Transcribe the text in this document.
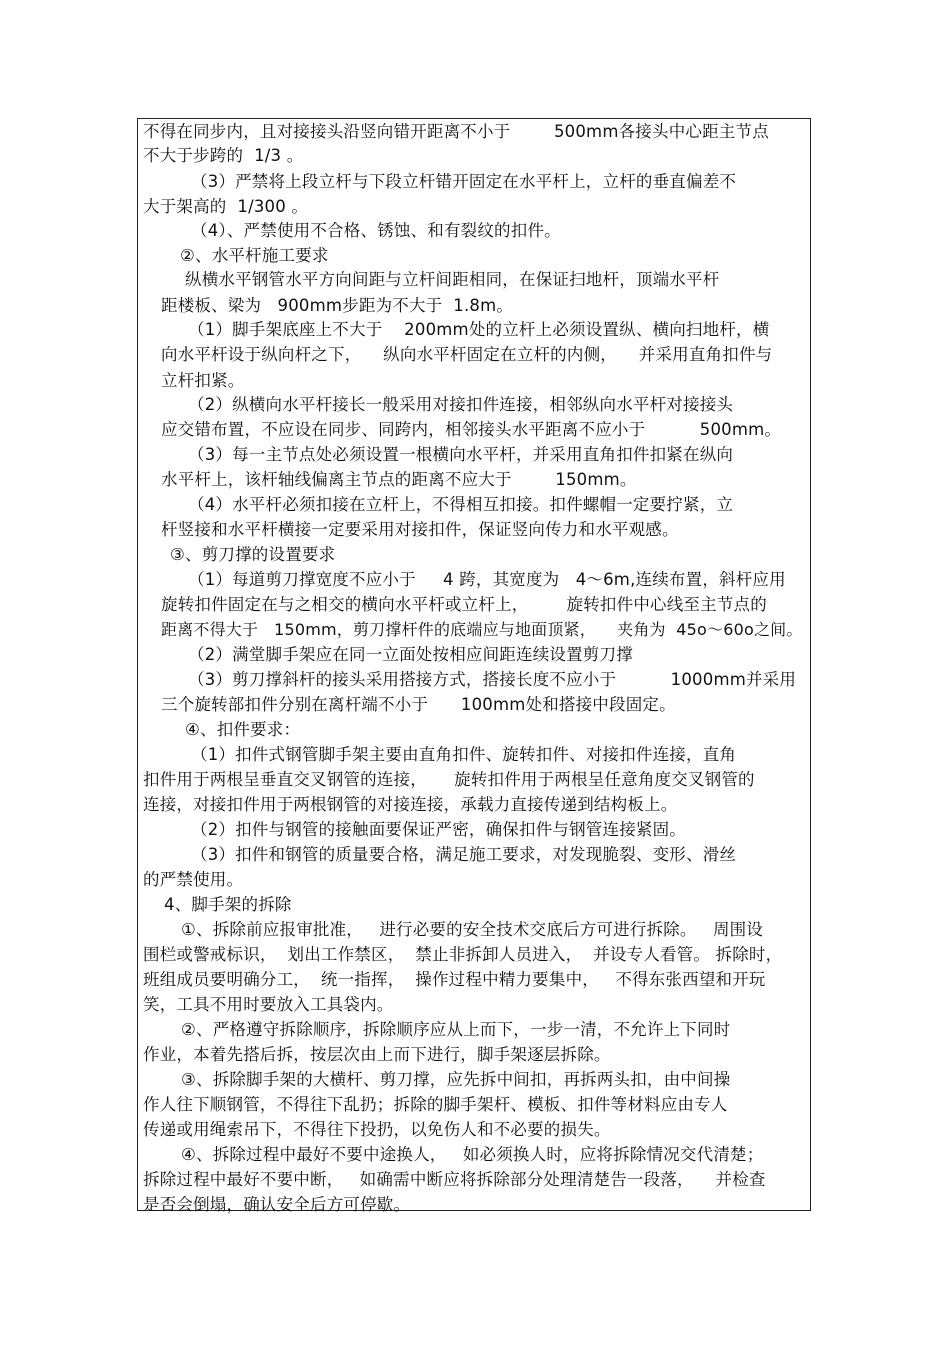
不得在同步内，且对接接头沿竖向错开距离不小于        500mm各接头中心距主节点
不大于步跨的  1/3 。
（3）严禁将上段立杆与下段立杆错开固定在水平杆上，立杆的垂直偏差不
大于架高的  1/300 。
（4）、严禁使用不合格、锈蚀、和有裂纹的扣件。
②、水平杆施工要求
纵横水平钢管水平方向间距与立杆间距相同，在保证扫地杆，顶端水平杆
距楼板、梁为   900mm步距为不大于  1.8m。
（1）脚手架底座上不大于    200mm处的立杆上必须设置纵、横向扫地杆，横
向水平杆设于纵向杆之下，    纵向水平杆固定在立杆的内侧，    并采用直角扣件与
立杆扣紧。
（2）纵横向水平杆接长一般采用对接扣件连接，相邻纵向水平杆对接接头
应交错布置，不应设在同步、同跨内，相邻接头水平距离不应小于          500mm。
（3）每一主节点处必须设置一根横向水平杆，并采用直角扣件扣紧在纵向
水平杆上，该杆轴线偏离主节点的距离不应大于        150mm。
（4）水平杆必须扣接在立杆上，不得相互扣接。扣件螺帽一定要拧紧，立
杆竖接和水平杆横接一定要采用对接扣件，保证竖向传力和水平观感。
③、剪刀撑的设置要求
（1）每道剪刀撑宽度不应小于     4 跨，其宽度为   4～6m,连续布置，斜杆应用
旋转扣件固定在与之相交的横向水平杆或立杆上，       旋转扣件中心线至主节点的
距离不得大于   150mm，剪刀撑杆件的底端应与地面顶紧，    夹角为  45o～60o之间。
（2）满堂脚手架应在同一立面处按相应间距连续设置剪刀撑
（3）剪刀撑斜杆的接头采用搭接方式，搭接长度不应小于          1000mm并采用
三个旋转部扣件分别在离杆端不小于      100mm处和搭接中段固定。
④、扣件要求：
（1）扣件式钢管脚手架主要由直角扣件、旋转扣件、对接扣件连接，直角
扣件用于两根呈垂直交叉钢管的连接，     旋转扣件用于两根呈任意角度交叉钢管的
连接，对接扣件用于两根钢管的对接连接，承载力直接传递到结构板上。
（2）扣件与钢管的接触面要保证严密，确保扣件与钢管连接紧固。
（3）扣件和钢管的质量要合格，满足施工要求，对发现脆裂、变形、滑丝
的严禁使用。
4、脚手架的拆除
①、拆除前应报审批准，   进行必要的安全技术交底后方可进行拆除。   周围设
围栏或警戒标识，  划出工作禁区，  禁止非拆卸人员进入，  并设专人看管。 拆除时，
班组成员要明确分工，  统一指挥，  操作过程中精力要集中，   不得东张西望和开玩
笑，工具不用时要放入工具袋内。
②、严格遵守拆除顺序，拆除顺序应从上而下，一步一清，不允许上下同时
作业，本着先搭后拆，按层次由上而下进行，脚手架逐层拆除。
③、拆除脚手架的大横杆、剪刀撑，应先拆中间扣，再拆两头扣，由中间操
作人往下顺钢管，不得往下乱扔；拆除的脚手架杆、模板、扣件等材料应由专人
传递或用绳索吊下，不得往下投扔，以免伤人和不必要的损失。
④、拆除过程中最好不要中途换人，   如必须换人时，应将拆除情况交代清楚；
拆除过程中最好不要中断，   如确需中断应将拆除部分处理清楚告一段落，    并检查
是否会倒塌，确认安全后方可停歇。
